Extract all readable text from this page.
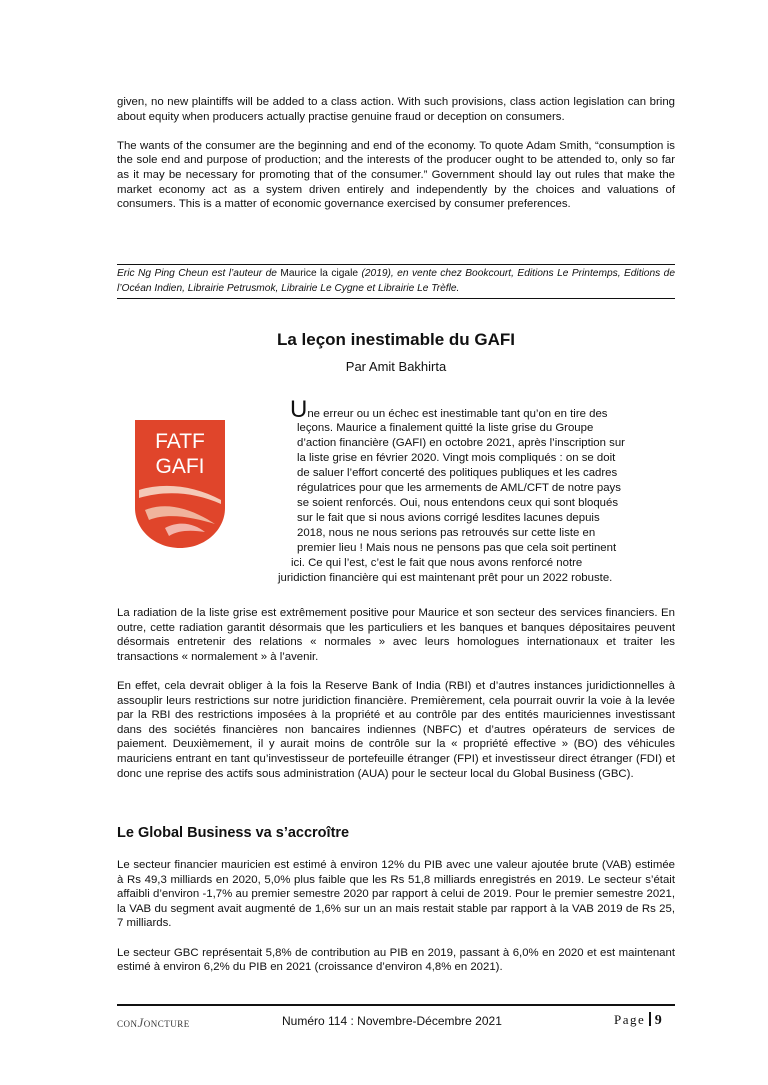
given, no new plaintiffs will be added to a class action. With such provisions, class action legislation can bring about equity when producers actually practise genuine fraud or deception on consumers.

The wants of the consumer are the beginning and end of the economy. To quote Adam Smith, “consumption is the sole end and purpose of production; and the interests of the producer ought to be attended to, only so far as it may be necessary for promoting that of the consumer.” Government should lay out rules that make the market economy act as a system driven entirely and independently by the choices and valuations of consumers. This is a matter of economic governance exercised by consumer preferences.

Eric Ng Ping Cheun est l’auteur de Maurice la cigale (2019), en vente chez Bookcourt, Editions Le Printemps, Editions de l’Océan Indien, Librairie Petrusmok, Librairie Le Cygne et Librairie Le Trèfle.

La leçon inestimable du GAFI
Par Amit Bakhirta
FATF
GAFI

Une erreur ou un échec est inestimable tant qu’on en tire des

leçons. Maurice a finalement quitté la liste grise du Groupe

d’action financière (GAFI) en octobre 2021, après l’inscription sur

la liste grise en février 2020. Vingt mois compliqués : on se doit

de saluer l’effort concerté des politiques publiques et les cadres

régulatrices pour que les armements de AML/CFT de notre pays

se soient renforcés. Oui, nous entendons ceux qui sont bloqués

sur le fait que si nous avions corrigé lesdites lacunes depuis

2018, nous ne nous serions pas retrouvés sur cette liste en

premier lieu ! Mais nous ne pensons pas que cela soit pertinent

ici. Ce qui l’est, c’est le fait que nous avons renforcé notre

juridiction financière qui est maintenant prêt pour un 2022 robuste.

La radiation de la liste grise est extrêmement positive pour Maurice et son secteur des services financiers. En outre, cette radiation garantit désormais que les particuliers et les banques et banques dépositaires peuvent désormais entretenir des relations « normales » avec leurs homologues internationaux et traiter les transactions « normalement » à l’avenir.

En effet, cela devrait obliger à la fois la Reserve Bank of India (RBI) et d’autres instances juridictionnelles à assouplir leurs restrictions sur notre juridiction financière. Premièrement, cela pourrait ouvrir la voie à la levée par la RBI des restrictions imposées à la propriété et au contrôle par des entités mauriciennes investissant dans des sociétés financières non bancaires indiennes (NBFC) et d’autres opérateurs de services de paiement. Deuxièmement, il y aurait moins de contrôle sur la « propriété effective » (BO) des véhicules mauriciens entrant en tant qu’investisseur de portefeuille étranger (FPI) et investisseur direct étranger (FDI) et donc une reprise des actifs sous administration (AUA) pour le secteur local du Global Business (GBC).

Le Global Business va s’accroître

Le secteur financier mauricien est estimé à environ 12% du PIB avec une valeur ajoutée brute (VAB) estimée à Rs 49,3 milliards en 2020, 5,0% plus faible que les Rs 51,8 milliards enregistrés en 2019. Le secteur s’était affaibli d’environ -1,7% au premier semestre 2020 par rapport à celui de 2019. Pour le premier semestre 2021, la VAB du segment avait augmenté de 1,6% sur un an mais restait stable par rapport à la VAB 2019 de Rs 25, 7 milliards.

Le secteur GBC représentait 5,8% de contribution au PIB en 2019, passant à 6,0% en 2020 et est maintenant estimé à environ 6,2% du PIB en 2021 (croissance d’environ 4,8% en 2021).

CONJONCTURE	Numéro 114 : Novembre-Décembre 2021	Page 9
